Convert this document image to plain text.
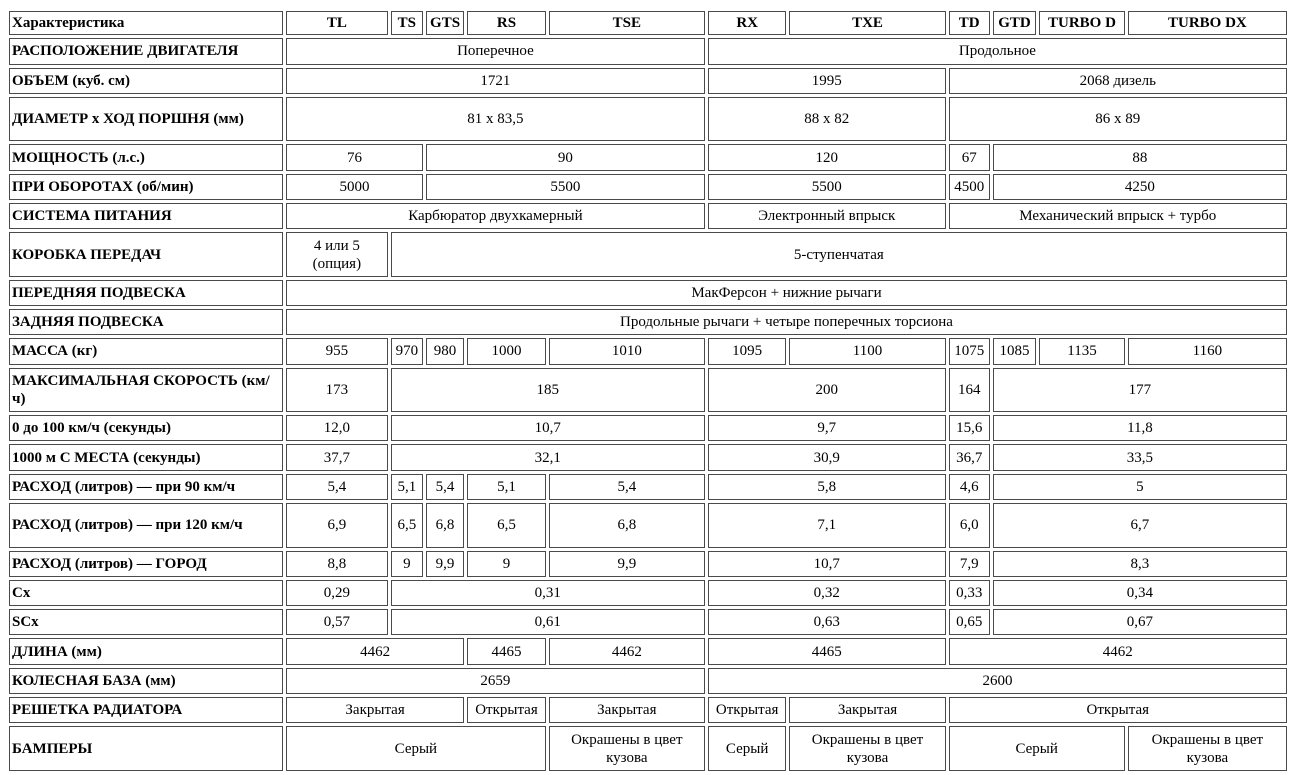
Характеристика	TL	TS	GTS	RS	TSE	RX	TXE	TD	GTD	TURBO D	TURBO DX
РАСПОЛОЖЕНИЕ ДВИГАТЕЛЯ	Поперечное					Продольное					
ОБЪЕМ (куб. см)	1721					1995		2068 дизель			
ДИАМЕТР x ХОД ПОРШНЯ (мм)	81 x 83,5					88 x 82		86 x 89			
МОЩНОСТЬ (л.с.)	76		90			120		67	88		
ПРИ ОБОРОТАХ (об/мин)	5000		5500			5500		4500	4250		
СИСТЕМА ПИТАНИЯ	Карбюратор двухкамерный					Электронный впрыск		Механический впрыск + турбо			
КОРОБКА ПЕРЕДАЧ	4 или 5 (опция)	5-ступенчатая									
ПЕРЕДНЯЯ ПОДВЕСКА	МакФерсон + нижние рычаги										
ЗАДНЯЯ ПОДВЕСКА	Продольные рычаги + четыре поперечных торсиона										
МАССА (кг)	955	970	980	1000	1010	1095	1100	1075	1085	1135	1160
МАКСИМАЛЬНАЯ СКОРОСТЬ (км/ч)	173	185				200		164	177		
0 до 100 км/ч (секунды)	12,0	10,7				9,7		15,6	11,8		
1000 м С МЕСТА (секунды)	37,7	32,1				30,9		36,7	33,5		
РАСХОД (литров) — при 90 км/ч	5,4	5,1	5,4	5,1	5,4	5,8		4,6	5		
РАСХОД (литров) — при 120 км/ч	6,9	6,5	6,8	6,5	6,8	7,1		6,0	6,7		
РАСХОД (литров) — ГОРОД	8,8	9	9,9	9	9,9	10,7		7,9	8,3		
Cx	0,29	0,31				0,32		0,33	0,34		
SCx	0,57	0,61				0,63		0,65	0,67		
ДЛИНА (мм)	4462			4465	4462	4465		4462			
КОЛЕСНАЯ БАЗА (мм)	2659					2600					
РЕШЕТКА РАДИАТОРА	Закрытая			Открытая	Закрытая	Открытая	Закрытая	Открытая			
БАМПЕРЫ	Серый				Окрашены в цвет кузова	Серый	Окрашены в цвет кузова	Серый			Окрашены в цвет кузова
